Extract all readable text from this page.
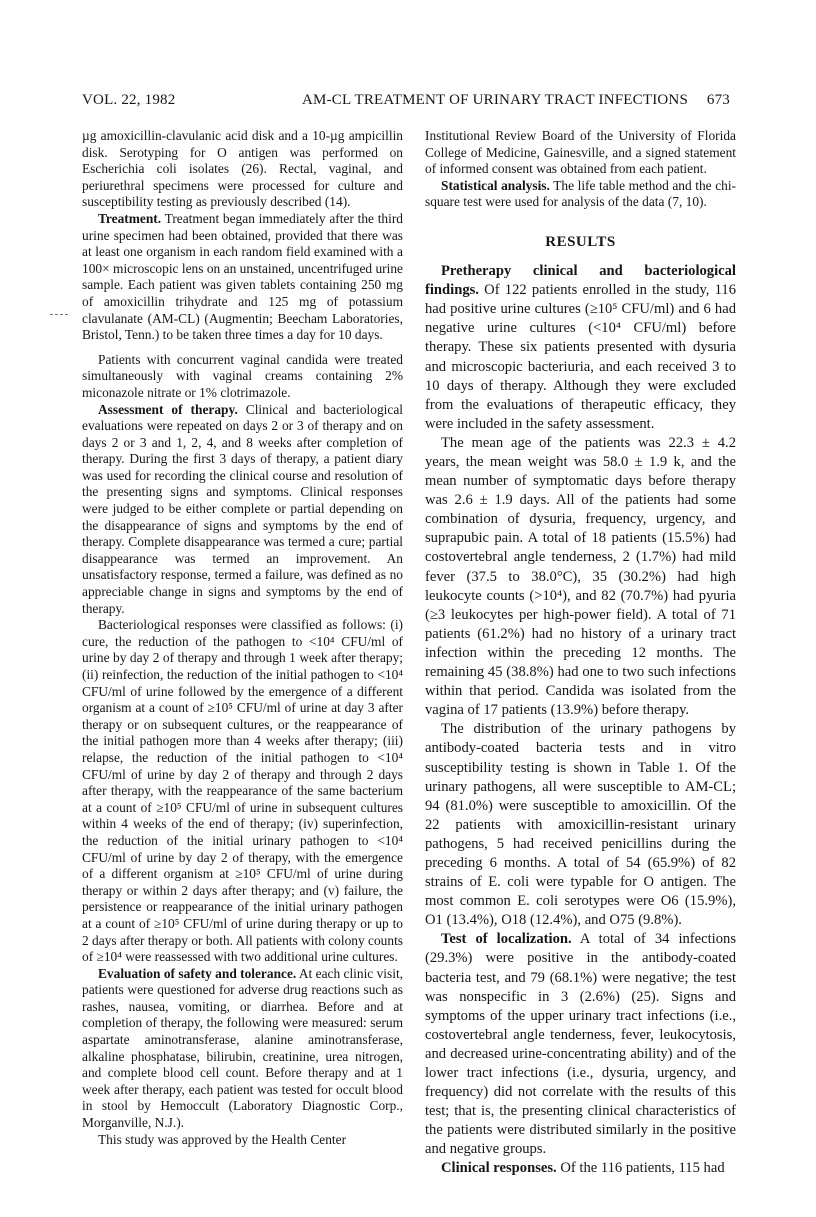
VOL. 22, 1982	AM-CL TREATMENT OF URINARY TRACT INFECTIONS 673

µg amoxicillin-clavulanic acid disk and a 10-µg ampicillin disk. Serotyping for O antigen was performed on Escherichia coli isolates (26). Rectal, vaginal, and periurethral specimens were processed for culture and susceptibility testing as previously described (14).

Treatment. Treatment began immediately after the third urine specimen had been obtained, provided that there was at least one organism in each random field examined with a 100× microscopic lens on an unstained, uncentrifuged urine sample. Each patient was given tablets containing 250 mg of amoxicillin trihydrate and 125 mg of potassium clavulanate (AM-CL) (Augmentin; Beecham Laboratories, Bristol, Tenn.) to be taken three times a day for 10 days.

Patients with concurrent vaginal candida were treated simultaneously with vaginal creams containing 2% miconazole nitrate or 1% clotrimazole.

Assessment of therapy. Clinical and bacteriological evaluations were repeated on days 2 or 3 of therapy and on days 2 or 3 and 1, 2, 4, and 8 weeks after completion of therapy. During the first 3 days of therapy, a patient diary was used for recording the clinical course and resolution of the presenting signs and symptoms. Clinical responses were judged to be either complete or partial depending on the disappearance of signs and symptoms by the end of therapy. Complete disappearance was termed a cure; partial disappearance was termed an improvement. An unsatisfactory response, termed a failure, was defined as no appreciable change in signs and symptoms by the end of therapy.

Bacteriological responses were classified as follows: (i) cure, the reduction of the pathogen to <10⁴ CFU/ml of urine by day 2 of therapy and through 1 week after therapy; (ii) reinfection, the reduction of the initial pathogen to <10⁴ CFU/ml of urine followed by the emergence of a different organism at a count of ≥10⁵ CFU/ml of urine at day 3 after therapy or on subsequent cultures, or the reappearance of the initial pathogen more than 4 weeks after therapy; (iii) relapse, the reduction of the initial pathogen to <10⁴ CFU/ml of urine by day 2 of therapy and through 2 days after therapy, with the reappearance of the same bacterium at a count of ≥10⁵ CFU/ml of urine in subsequent cultures within 4 weeks of the end of therapy; (iv) superinfection, the reduction of the initial urinary pathogen to <10⁴ CFU/ml of urine by day 2 of therapy, with the emergence of a different organism at ≥10⁵ CFU/ml of urine during therapy or within 2 days after therapy; and (v) failure, the persistence or reappearance of the initial urinary pathogen at a count of ≥10⁵ CFU/ml of urine during therapy or up to 2 days after therapy or both. All patients with colony counts of ≥10⁴ were reassessed with two additional urine cultures.

Evaluation of safety and tolerance. At each clinic visit, patients were questioned for adverse drug reactions such as rashes, nausea, vomiting, or diarrhea. Before and at completion of therapy, the following were measured: serum aspartate aminotransferase, alanine aminotransferase, alkaline phosphatase, bilirubin, creatinine, urea nitrogen, and complete blood cell count. Before therapy and at 1 week after therapy, each patient was tested for occult blood in stool by Hemoccult (Laboratory Diagnostic Corp., Morganville, N.J.).

This study was approved by the Health Center

Institutional Review Board of the University of Florida College of Medicine, Gainesville, and a signed statement of informed consent was obtained from each patient.

Statistical analysis. The life table method and the chi-square test were used for analysis of the data (7, 10).

RESULTS

Pretherapy clinical and bacteriological findings. Of 122 patients enrolled in the study, 116 had positive urine cultures (≥10⁵ CFU/ml) and 6 had negative urine cultures (<10⁴ CFU/ml) before therapy. These six patients presented with dysuria and microscopic bacteriuria, and each received 3 to 10 days of therapy. Although they were excluded from the evaluations of therapeutic efficacy, they were included in the safety assessment.

The mean age of the patients was 22.3 ± 4.2 years, the mean weight was 58.0 ± 1.9 k, and the mean number of symptomatic days before therapy was 2.6 ± 1.9 days. All of the patients had some combination of dysuria, frequency, urgency, and suprapubic pain. A total of 18 patients (15.5%) had costovertebral angle tenderness, 2 (1.7%) had mild fever (37.5 to 38.0°C), 35 (30.2%) had high leukocyte counts (>10⁴), and 82 (70.7%) had pyuria (≥3 leukocytes per high-power field). A total of 71 patients (61.2%) had no history of a urinary tract infection within the preceding 12 months. The remaining 45 (38.8%) had one to two such infections within that period. Candida was isolated from the vagina of 17 patients (13.9%) before therapy.

The distribution of the urinary pathogens by antibody-coated bacteria tests and in vitro susceptibility testing is shown in Table 1. Of the urinary pathogens, all were susceptible to AM-CL; 94 (81.0%) were susceptible to amoxicillin. Of the 22 patients with amoxicillin-resistant urinary pathogens, 5 had received penicillins during the preceding 6 months. A total of 54 (65.9%) of 82 strains of E. coli were typable for O antigen. The most common E. coli serotypes were O6 (15.9%), O1 (13.4%), O18 (12.4%), and O75 (9.8%).

Test of localization. A total of 34 infections (29.3%) were positive in the antibody-coated bacteria test, and 79 (68.1%) were negative; the test was nonspecific in 3 (2.6%) (25). Signs and symptoms of the upper urinary tract infections (i.e., costovertebral angle tenderness, fever, leukocytosis, and decreased urine-concentrating ability) and of the lower tract infections (i.e., dysuria, urgency, and frequency) did not correlate with the results of this test; that is, the presenting clinical characteristics of the patients were distributed similarly in the positive and negative groups.

Clinical responses. Of the 116 patients, 115 had
